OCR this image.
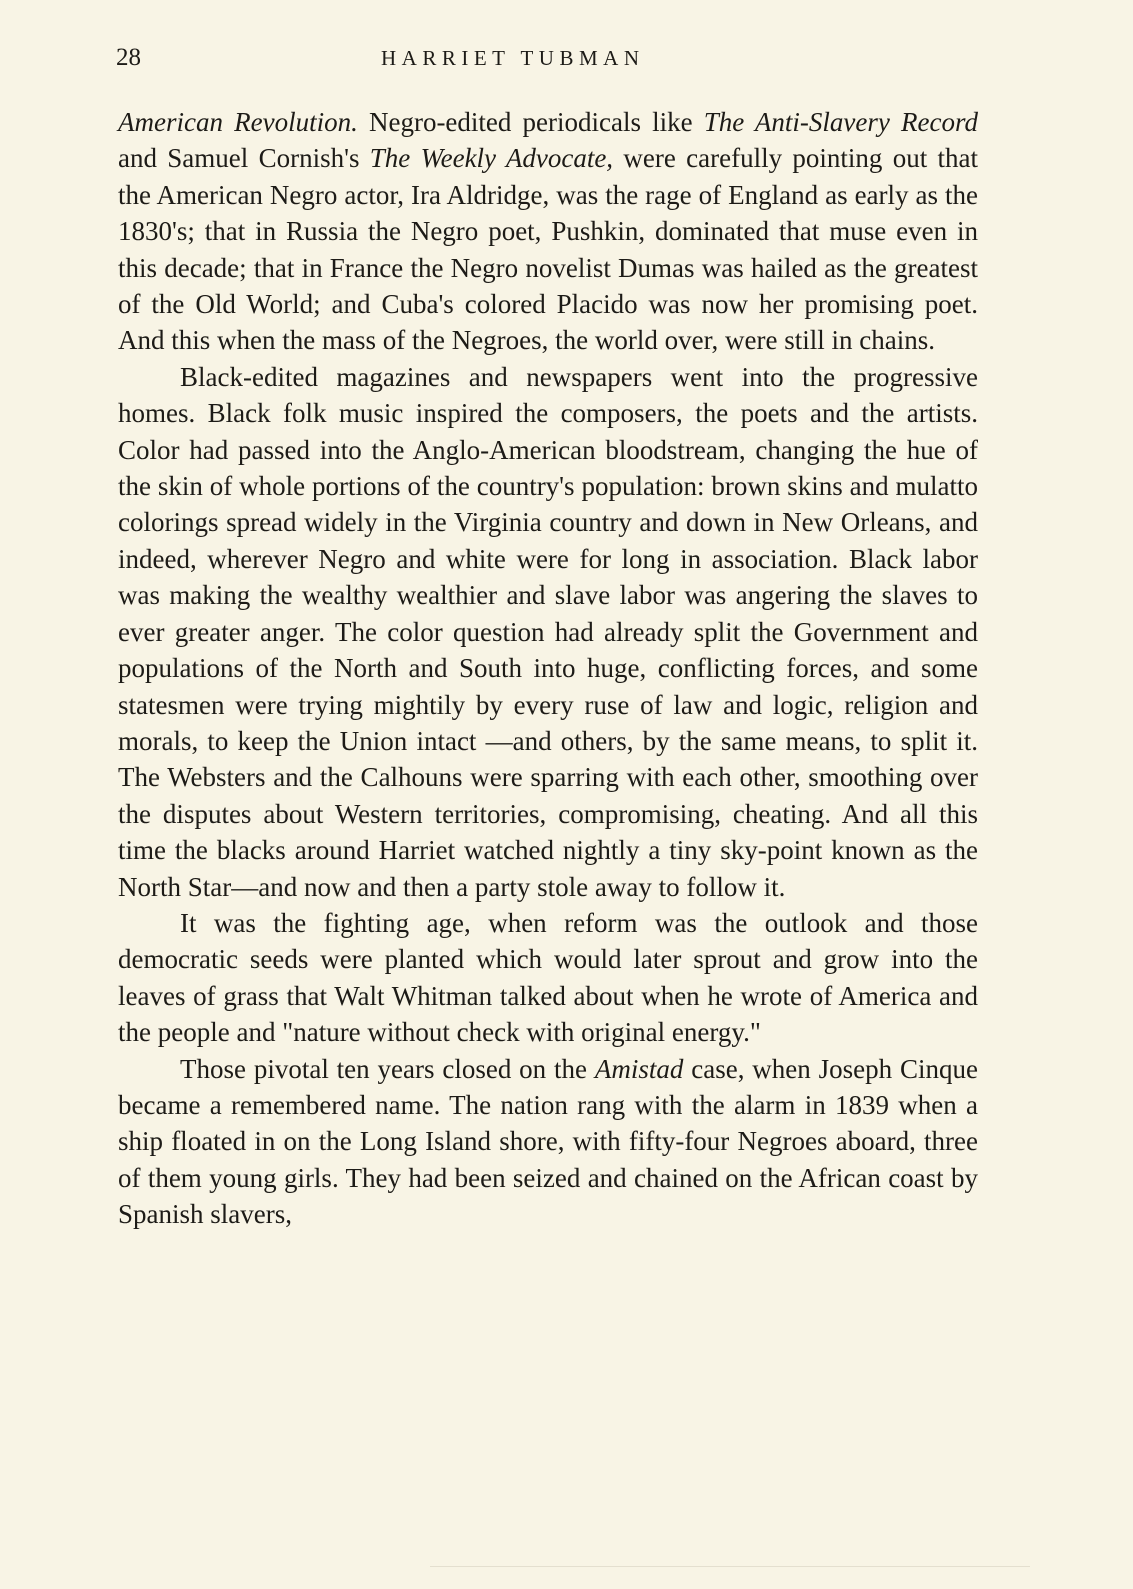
28	HARRIET TUBMAN

American Revolution. Negro-edited periodicals like The Anti-Slavery Record and Samuel Cornish's The Weekly Advocate, were carefully pointing out that the American Negro actor, Ira Aldridge, was the rage of England as early as the 1830's; that in Russia the Negro poet, Pushkin, dominated that muse even in this decade; that in France the Negro novelist Dumas was hailed as the greatest of the Old World; and Cuba's colored Placido was now her promising poet. And this when the mass of the Negroes, the world over, were still in chains.

Black-edited magazines and newspapers went into the progressive homes. Black folk music inspired the composers, the poets and the artists. Color had passed into the Anglo-American bloodstream, changing the hue of the skin of whole portions of the country's population: brown skins and mulatto colorings spread widely in the Virginia country and down in New Orleans, and indeed, wherever Negro and white were for long in association. Black labor was making the wealthy wealthier and slave labor was angering the slaves to ever greater anger. The color question had already split the Government and populations of the North and South into huge, conflicting forces, and some statesmen were trying mightily by every ruse of law and logic, religion and morals, to keep the Union intact —and others, by the same means, to split it. The Websters and the Calhouns were sparring with each other, smoothing over the disputes about Western territories, compromising, cheating. And all this time the blacks around Harriet watched nightly a tiny sky-point known as the North Star—and now and then a party stole away to follow it.

It was the fighting age, when reform was the outlook and those democratic seeds were planted which would later sprout and grow into the leaves of grass that Walt Whitman talked about when he wrote of America and the people and "nature without check with original energy."

Those pivotal ten years closed on the Amistad case, when Joseph Cinque became a remembered name. The nation rang with the alarm in 1839 when a ship floated in on the Long Island shore, with fifty-four Negroes aboard, three of them young girls. They had been seized and chained on the African coast by Spanish slavers,
